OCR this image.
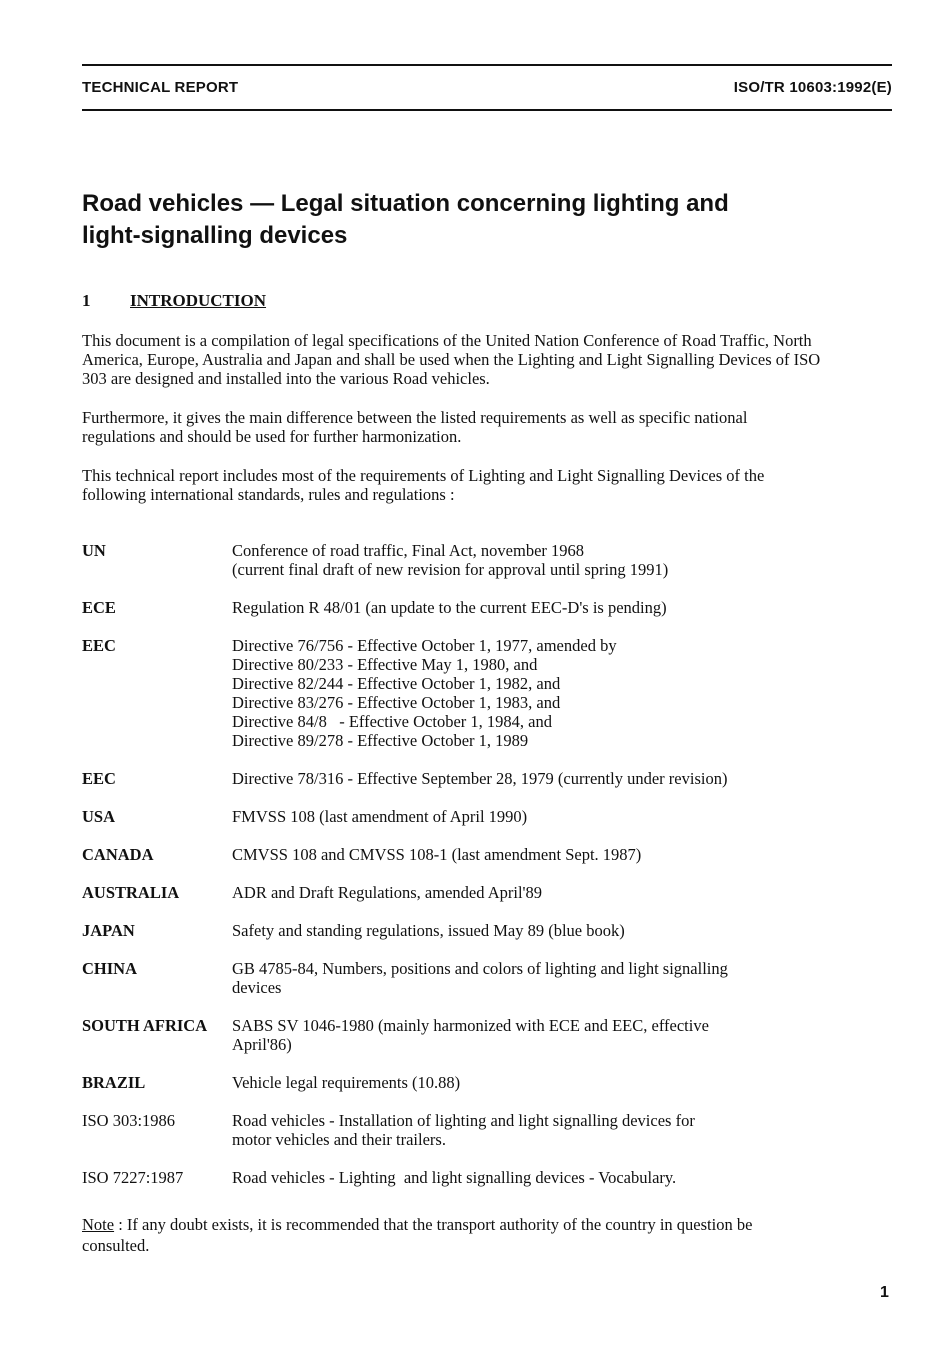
TECHNICAL REPORT	ISO/TR 10603:1992(E)
Road vehicles — Legal situation concerning lighting and
light-signalling devices
1	INTRODUCTION

This document is a compilation of legal specifications of the United Nation Conference of Road Traffic, North America, Europe, Australia and Japan and shall be used when the Lighting and Light Signalling Devices of ISO 303 are designed and installed into the various Road vehicles.

Furthermore, it gives the main difference between the listed requirements as well as specific national regulations and should be used for further harmonization.

This technical report includes most of the requirements of Lighting and Light Signalling Devices of the following international standards, rules and regulations :

UN	Conference of road traffic, Final Act, november 1968
(current final draft of new revision for approval until spring 1991)
ECE	Regulation R 48/01 (an update to the current EEC-D's is pending)
EEC	Directive 76/756 - Effective October 1, 1977, amended by
Directive 80/233 - Effective May 1, 1980, and
Directive 82/244 - Effective October 1, 1982, and
Directive 83/276 - Effective October 1, 1983, and
Directive 84/8   - Effective October 1, 1984, and
Directive 89/278 - Effective October 1, 1989
EEC	Directive 78/316 - Effective September 28, 1979 (currently under revision)
USA	FMVSS 108 (last amendment of April 1990)
CANADA	CMVSS 108 and CMVSS 108-1 (last amendment Sept. 1987)
AUSTRALIA	ADR and Draft Regulations, amended April'89
JAPAN	Safety and standing regulations, issued May 89 (blue book)
CHINA	GB 4785-84, Numbers, positions and colors of lighting and light signalling
devices
SOUTH AFRICA	SABS SV 1046-1980 (mainly harmonized with ECE and EEC, effective
April'86)
BRAZIL	Vehicle legal requirements (10.88)
ISO 303:1986	Road vehicles - Installation of lighting and light signalling devices for
motor vehicles and their trailers.
ISO 7227:1987	Road vehicles - Lighting  and light signalling devices - Vocabulary.

Note : If any doubt exists, it is recommended that the transport authority of the country in question be consulted.

1
